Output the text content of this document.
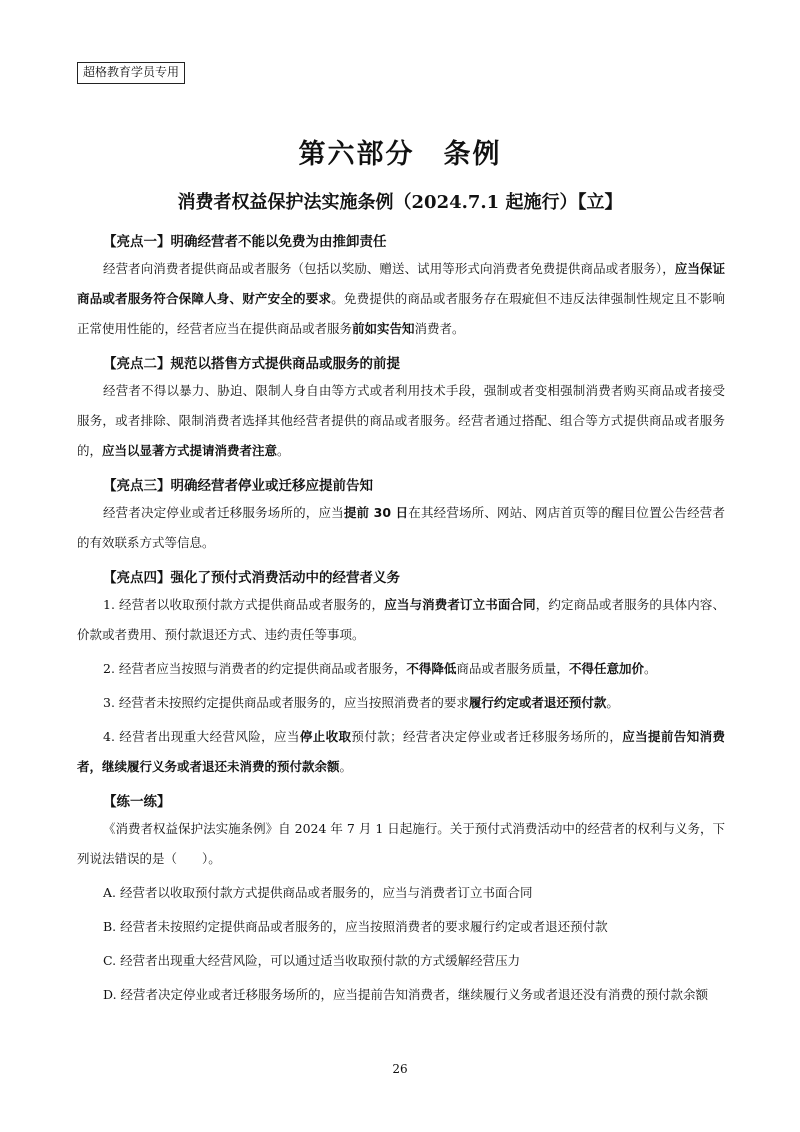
超格教育学员专用
第六部分　条例
消费者权益保护法实施条例（2024.7.1 起施行）【立】
【亮点一】明确经营者不能以免费为由推卸责任
经营者向消费者提供商品或者服务（包括以奖励、赠送、试用等形式向消费者免费提供商品或者服务），应当保证商品或者服务符合保障人身、财产安全的要求。免费提供的商品或者服务存在瑕疵但不违反法律强制性规定且不影响正常使用性能的，经营者应当在提供商品或者服务前如实告知消费者。
【亮点二】规范以搭售方式提供商品或服务的前提
经营者不得以暴力、胁迫、限制人身自由等方式或者利用技术手段，强制或者变相强制消费者购买商品或者接受服务，或者排除、限制消费者选择其他经营者提供的商品或者服务。经营者通过搭配、组合等方式提供商品或者服务的，应当以显著方式提请消费者注意。
【亮点三】明确经营者停业或迁移应提前告知
经营者决定停业或者迁移服务场所的，应当提前 30 日在其经营场所、网站、网店首页等的醒目位置公告经营者的有效联系方式等信息。
【亮点四】强化了预付式消费活动中的经营者义务
1. 经营者以收取预付款方式提供商品或者服务的，应当与消费者订立书面合同，约定商品或者服务的具体内容、价款或者费用、预付款退还方式、违约责任等事项。
2. 经营者应当按照与消费者的约定提供商品或者服务，不得降低商品或者服务质量，不得任意加价。
3. 经营者未按照约定提供商品或者服务的，应当按照消费者的要求履行约定或者退还预付款。
4. 经营者出现重大经营风险，应当停止收取预付款；经营者决定停业或者迁移服务场所的，应当提前告知消费者，继续履行义务或者退还未消费的预付款余额。
【练一练】
《消费者权益保护法实施条例》自 2024 年 7 月 1 日起施行。关于预付式消费活动中的经营者的权利与义务，下列说法错误的是（　　）。
A. 经营者以收取预付款方式提供商品或者服务的，应当与消费者订立书面合同
B. 经营者未按照约定提供商品或者服务的，应当按照消费者的要求履行约定或者退还预付款
C. 经营者出现重大经营风险，可以通过适当收取预付款的方式缓解经营压力
D. 经营者决定停业或者迁移服务场所的，应当提前告知消费者，继续履行义务或者退还没有消费的预付款余额
26
